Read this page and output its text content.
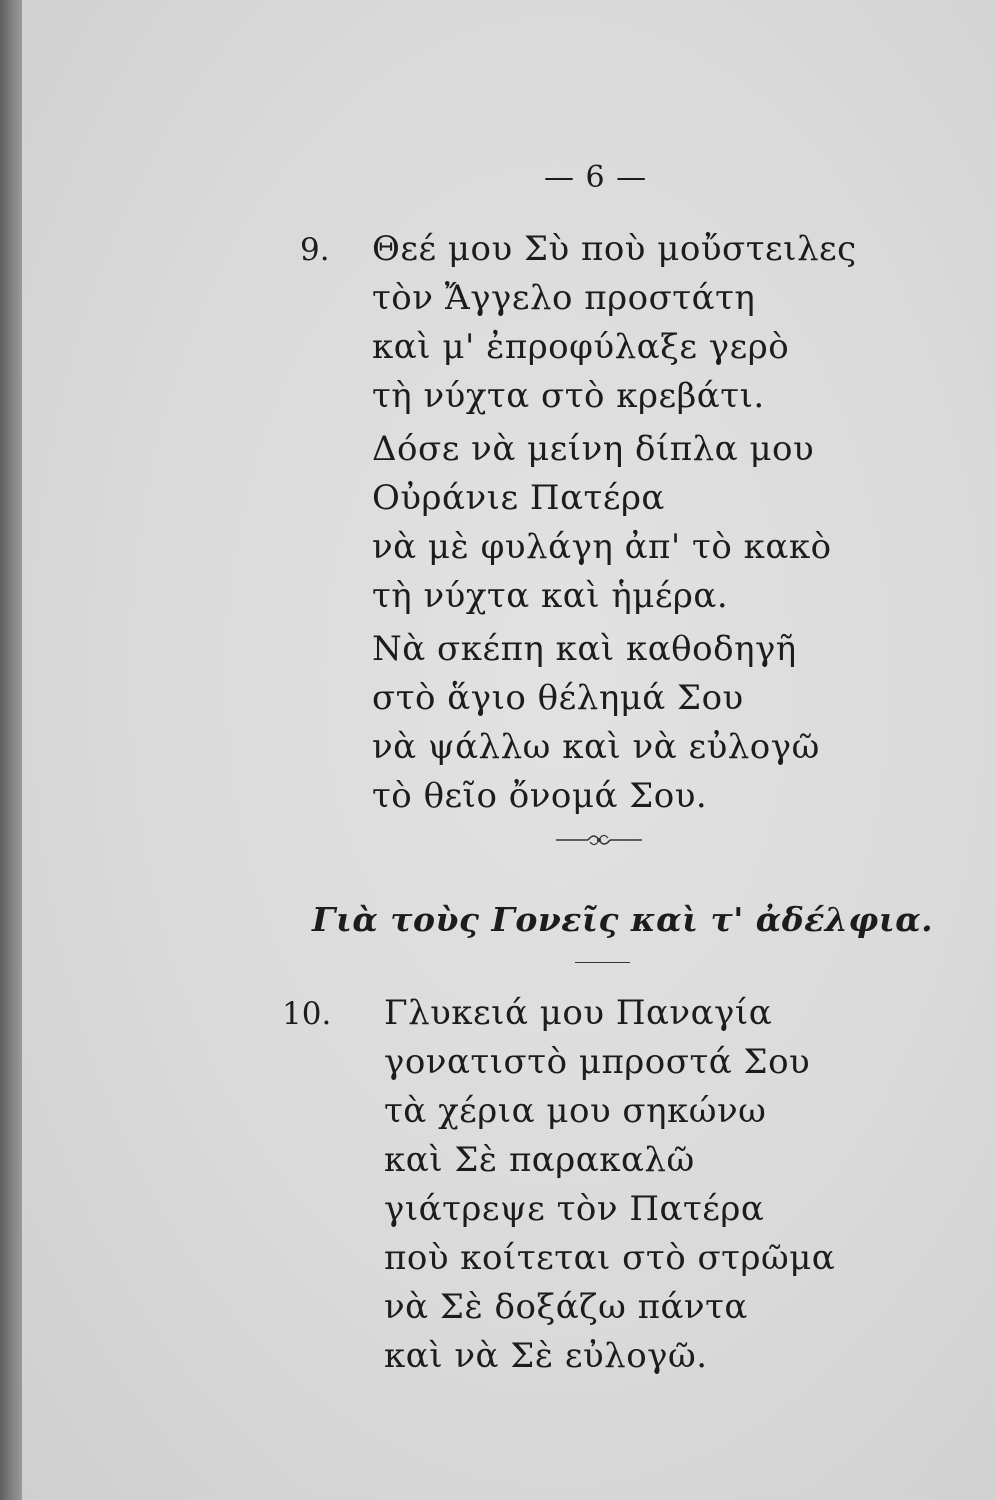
— 6 —
9. Θεέ μου Σὺ ποὺ μοὔστειλες
τὸν Ἄγγελο προστάτη
καὶ μ' ἐπροφύλαξε γερὸ
τὴ νύχτα στὸ κρεβάτι.
Δόσε νὰ μείνη δίπλα μου
Οὐράνιε Πατέρα
νὰ μὲ φυλάγη ἀπ' τὸ κακὸ
τὴ νύχτα καὶ ἡμέρα.
Νὰ σκέπη καὶ καθοδηγῆ
στὸ ἅγιο θέλημά Σου
νὰ ψάλλω καὶ νὰ εὐλογῶ
τὸ θεῖο ὄνομά Σου.
Γιὰ τοὺς Γονεῖς καὶ τ' ἀδέλφια.
10. Γλυκειά μου Παναγία
γονατιστὸ μπροστά Σου
τὰ χέρια μου σηκώνω
καὶ Σὲ παρακαλῶ
γιάτρεψε τὸν Πατέρα
ποὺ κοίτεται στὸ στρῶμα
νὰ Σὲ δοξάζω πάντα
καὶ νὰ Σὲ εὐλογῶ.
